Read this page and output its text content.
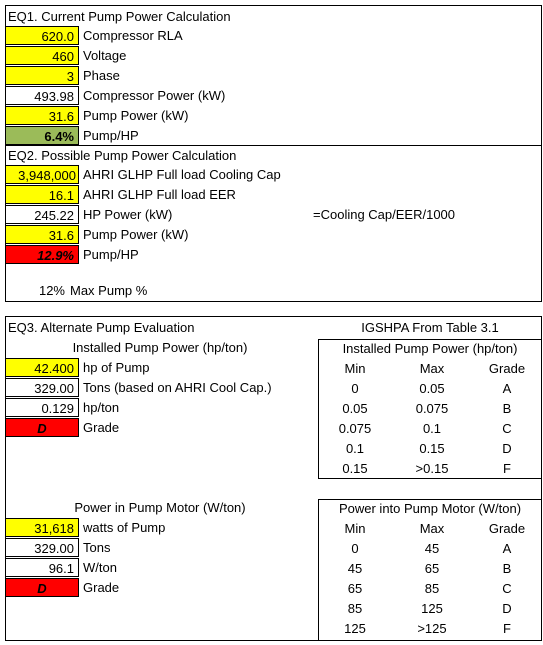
EQ1. Current Pump Power Calculation
620.0 Compressor RLA
460 Voltage
3 Phase
493.98 Compressor Power (kW)
31.6 Pump Power (kW)
6.4% Pump/HP
EQ2. Possible Pump Power Calculation
3,948,000 AHRI GLHP Full load Cooling Cap
16.1 AHRI GLHP Full load EER
245.22 HP Power (kW)	=Cooling Cap/EER/1000
31.6 Pump Power (kW)
12.9% Pump/HP
12% Max Pump %
EQ3. Alternate Pump Evaluation
Installed Pump Power (hp/ton)
42.400 hp of Pump
329.00 Tons (based on AHRI Cool Cap.)
0.129 hp/ton
D	Grade
Power in Pump Motor (W/ton)
31,618 watts of Pump
329.00 Tons
96.1 W/ton
D	Grade
IGSHPA From Table 3.1
Installed Pump Power (hp/ton)
Min	Max	Grade
0	0.05	A
0.05	0.075	B
0.075	0.1	C
0.1	0.15	D
0.15	>0.15	F
Power into Pump Motor (W/ton)
Min	Max	Grade
0	45	A
45	65	B
65	85	C
85	125	D
125	>125	F
